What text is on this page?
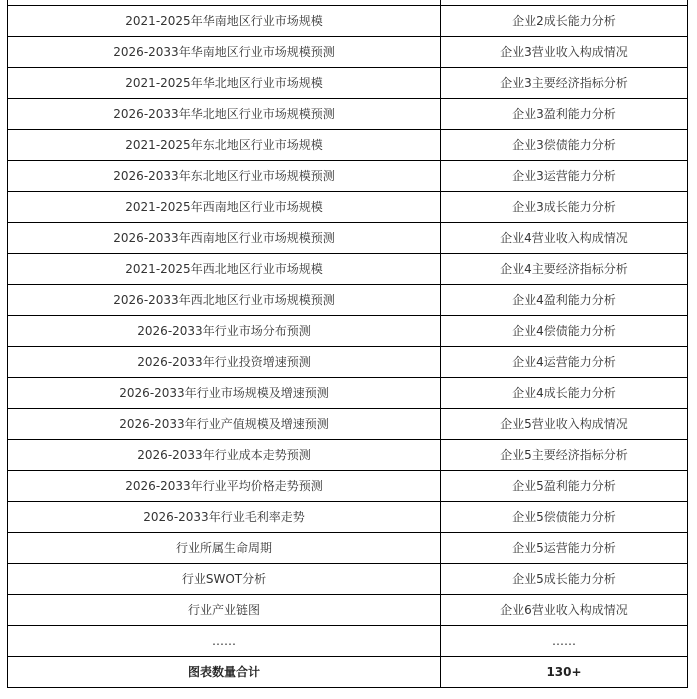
2021-2025年华南地区行业市场规模	企业2成长能力分析
2026-2033年华南地区行业市场规模预测	企业3营业收入构成情况
2021-2025年华北地区行业市场规模	企业3主要经济指标分析
2026-2033年华北地区行业市场规模预测	企业3盈利能力分析
2021-2025年东北地区行业市场规模	企业3偿债能力分析
2026-2033年东北地区行业市场规模预测	企业3运营能力分析
2021-2025年西南地区行业市场规模	企业3成长能力分析
2026-2033年西南地区行业市场规模预测	企业4营业收入构成情况
2021-2025年西北地区行业市场规模	企业4主要经济指标分析
2026-2033年西北地区行业市场规模预测	企业4盈利能力分析
2026-2033年行业市场分布预测	企业4偿债能力分析
2026-2033年行业投资增速预测	企业4运营能力分析
2026-2033年行业市场规模及增速预测	企业4成长能力分析
2026-2033年行业产值规模及增速预测	企业5营业收入构成情况
2026-2033年行业成本走势预测	企业5主要经济指标分析
2026-2033年行业平均价格走势预测	企业5盈利能力分析
2026-2033年行业毛利率走势	企业5偿债能力分析
行业所属生命周期	企业5运营能力分析
行业SWOT分析	企业5成长能力分析
行业产业链图	企业6营业收入构成情况
……	……
图表数量合计	130+
